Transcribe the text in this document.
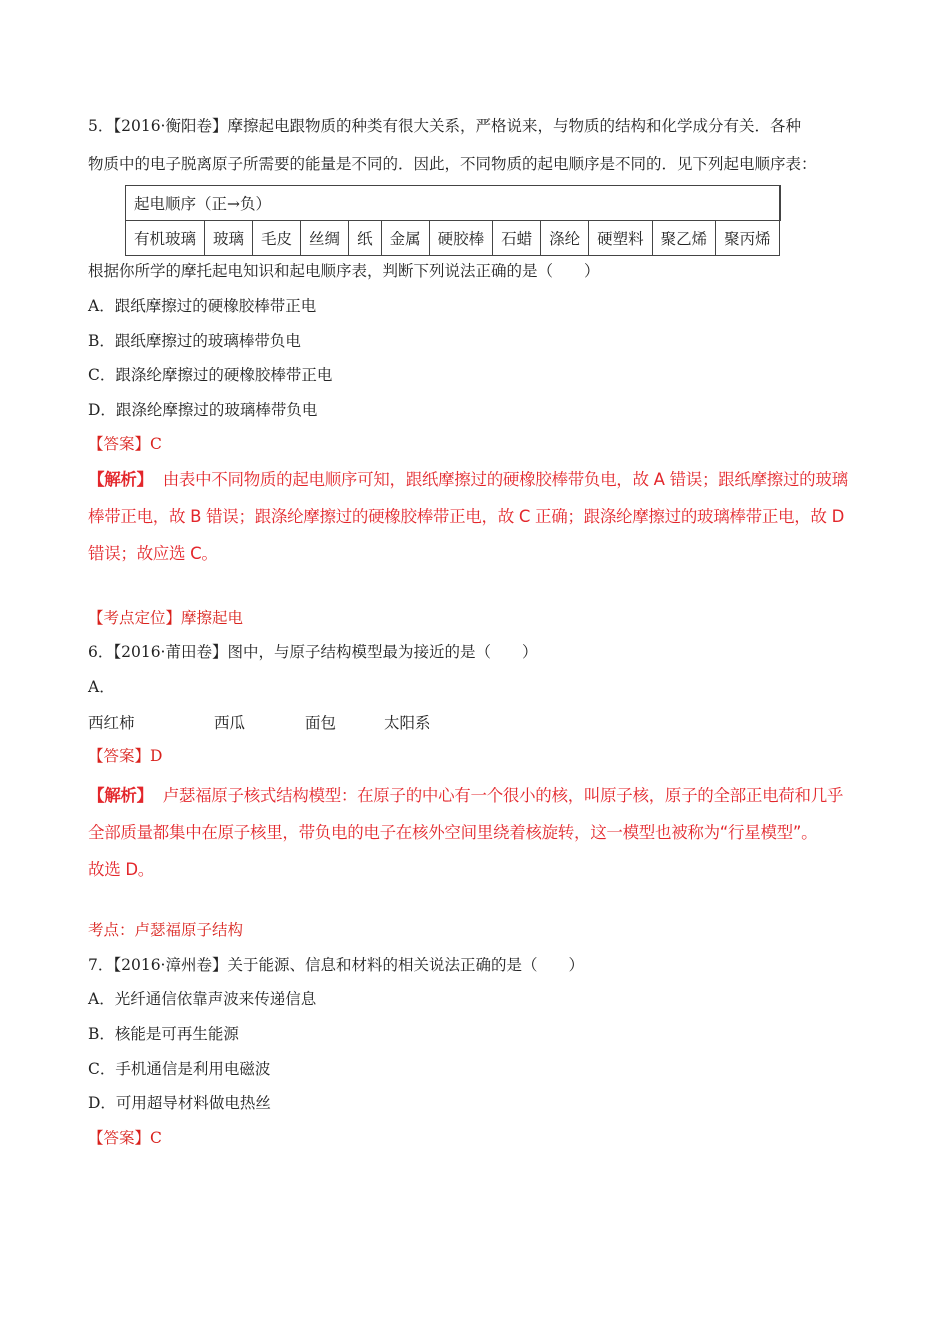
5．【2016·衡阳卷】摩擦起电跟物质的种类有很大关系，严格说来，与物质的结构和化学成分有关．各种
物质中的电子脱离原子所需要的能量是不同的．因此，不同物质的起电顺序是不同的．见下列起电顺序表：
起电顺序（正→负）												
有机玻璃	玻璃	毛皮	丝绸	纸	金属	硬胶棒	石蜡	涤纶	硬塑料	聚乙烯	聚丙烯	
根据你所学的摩托起电知识和起电顺序表，判断下列说法正确的是（　　）
A．跟纸摩擦过的硬橡胶棒带正电
B．跟纸摩擦过的玻璃棒带负电
C．跟涤纶摩擦过的硬橡胶棒带正电
D．跟涤纶摩擦过的玻璃棒带负电
【答案】C
【解析】 由表中不同物质的起电顺序可知，跟纸摩擦过的硬橡胶棒带负电，故 A 错误；跟纸摩擦过的玻璃
棒带正电，故 B 错误；跟涤纶摩擦过的硬橡胶棒带正电，故 C 正确；跟涤纶摩擦过的玻璃棒带正电，故 D
错误；故应选 C。
【考点定位】摩擦起电
6．【2016·莆田卷】图中，与原子结构模型最为接近的是（　　）
A．
西红柿	西瓜	面包	太阳系
【答案】D
【解析】 卢瑟福原子核式结构模型：在原子的中心有一个很小的核，叫原子核，原子的全部正电荷和几乎
全部质量都集中在原子核里，带负电的电子在核外空间里绕着核旋转，这一模型也被称为“行星模型”。
故选 D。
考点：卢瑟福原子结构
7．【2016·漳州卷】关于能源、信息和材料的相关说法正确的是（　　）
A．光纤通信依靠声波来传递信息
B．核能是可再生能源
C．手机通信是利用电磁波
D．可用超导材料做电热丝
【答案】C
